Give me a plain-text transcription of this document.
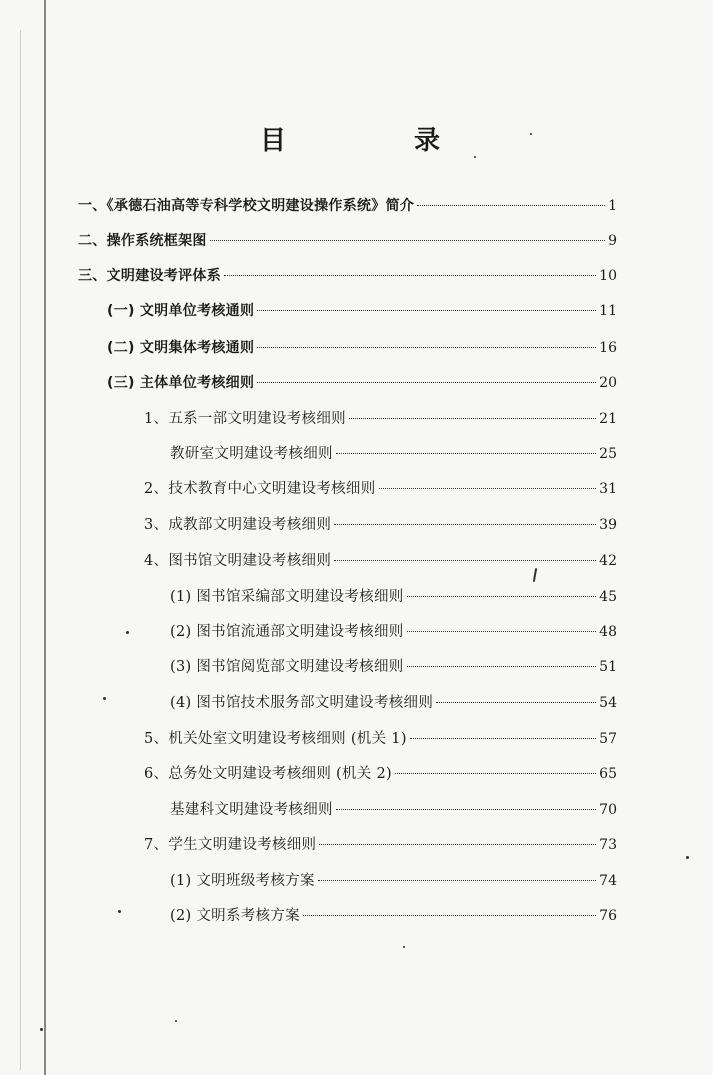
目	录
一、《承德石油高等专科学校文明建设操作系统》简介	1
二、操作系统框架图	9
三、文明建设考评体系	10
(一) 文明单位考核通则	11
(二) 文明集体考核通则	16
(三) 主体单位考核细则	20
1、五系一部文明建设考核细则	21
教研室文明建设考核细则	25
2、技术教育中心文明建设考核细则	31
3、成教部文明建设考核细则	39
4、图书馆文明建设考核细则	42
(1) 图书馆采编部文明建设考核细则	45
(2) 图书馆流通部文明建设考核细则	48
(3) 图书馆阅览部文明建设考核细则	51
(4) 图书馆技术服务部文明建设考核细则	54
5、机关处室文明建设考核细则 (机关 1)	57
6、总务处文明建设考核细则 (机关 2)	65
基建科文明建设考核细则	70
7、学生文明建设考核细则	73
(1) 文明班级考核方案	74
(2) 文明系考核方案	76
